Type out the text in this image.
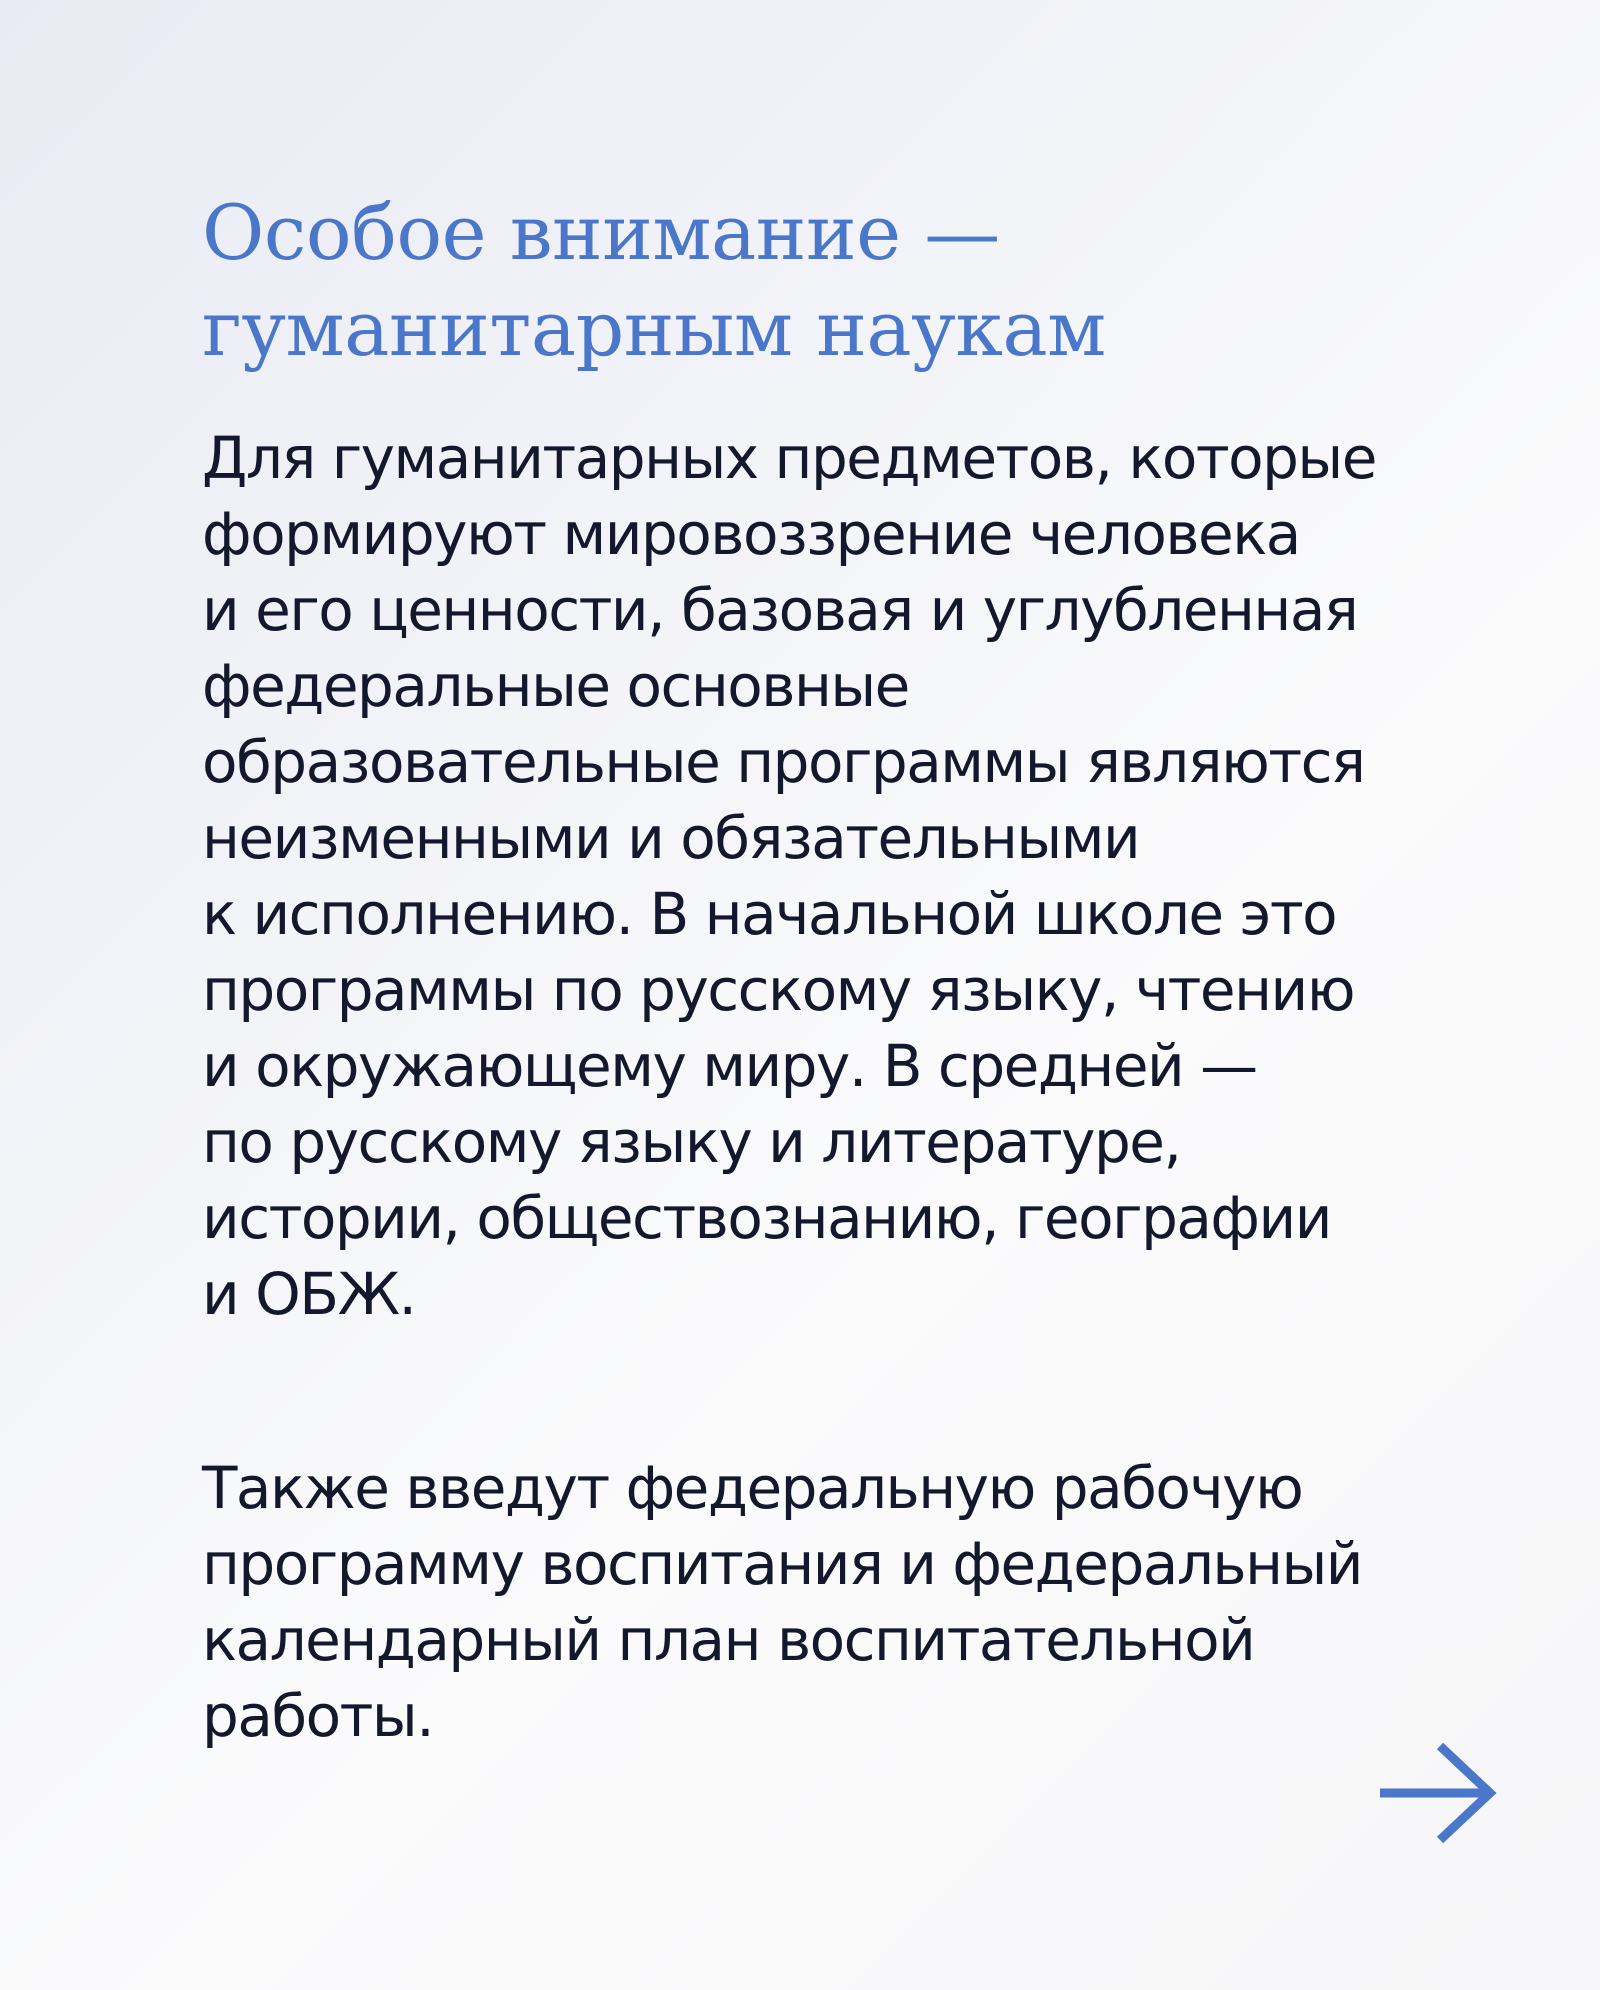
Особое внимание —
гуманитарным наукам

Для гуманитарных предметов, которые
формируют мировоззрение человека
и его ценности, базовая и углубленная
федеральные основные
образовательные программы являются
неизменными и обязательными
к исполнению. В начальной школе это
программы по русскому языку, чтению
и окружающему миру. В средней —
по русскому языку и литературе,
истории, обществознанию, географии
и ОБЖ.

Также введут федеральную рабочую
программу воспитания и федеральный
календарный план воспитательной
работы.
